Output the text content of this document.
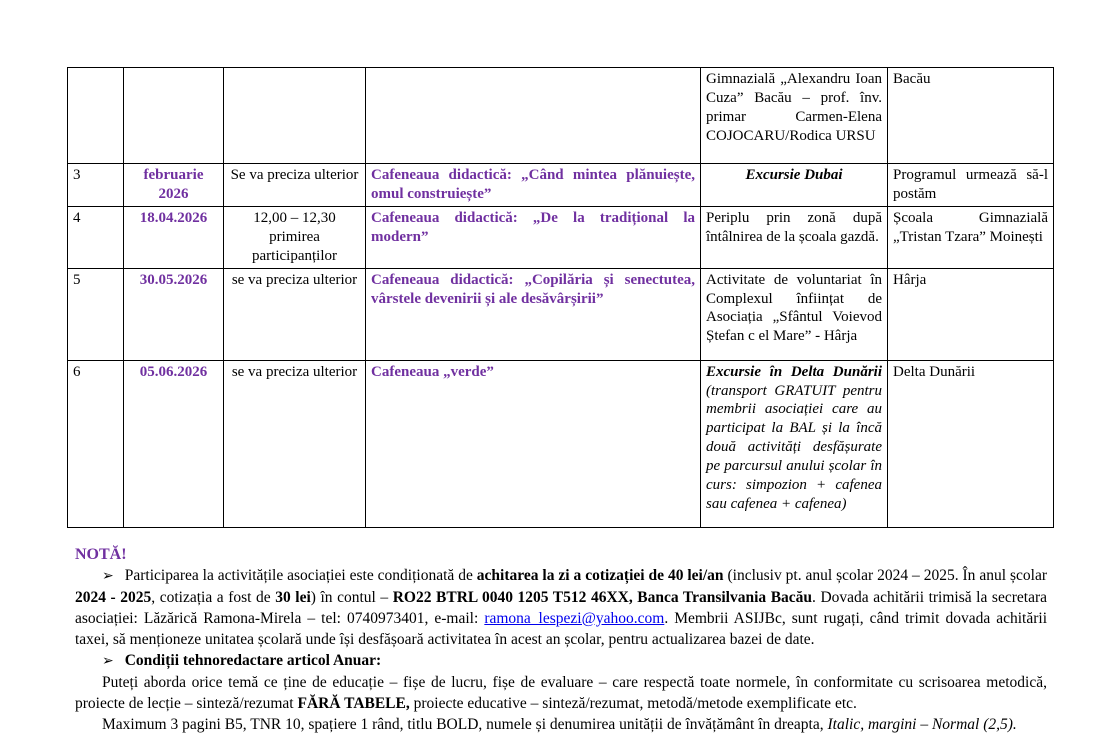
				Gimnazială „Alexandru Ioan Cuza” Bacău – prof. înv. primar Carmen-Elena COJOCARU/Rodica URSU	Bacău
3	februarie 2026	Se va preciza ulterior	Cafeneaua didactică: „Când mintea plănuiește, omul construiește”	Excursie Dubai	Programul urmează să-l postăm
4	18.04.2026	12,00 – 12,30 primirea participanților	Cafeneaua didactică: „De la tradițional la modern”	Periplu prin zonă după întâlnirea de la școala gazdă.	Școala Gimnazială „Tristan Tzara” Moinești
5	30.05.2026	se va preciza ulterior	Cafeneaua didactică: „Copilăria și senectutea, vârstele devenirii și ale desăvârșirii”	Activitate de voluntariat în Complexul înființat de Asociația „Sfântul Voievod Ștefan c el Mare” - Hârja	Hârja
6	05.06.2026	se va preciza ulterior	Cafeneaua „verde”	Excursie în Delta Dunării (transport GRATUIT pentru membrii asociației care au participat la BAL și la încă două activități desfășurate pe parcursul anului școlar în curs: simpozion + cafenea sau cafenea + cafenea)	Delta Dunării

NOTĂ!

➢ Participarea la activitățile asociației este condiționată de achitarea la zi a cotizației de 40 lei/an (inclusiv pt. anul școlar 2024 – 2025. În anul școlar 2024 - 2025, cotizația a fost de 30 lei) în contul – RO22 BTRL 0040 1205 T512 46XX, Banca Transilvania Bacău. Dovada achitării trimisă la secretara asociației: Lăzărică Ramona-Mirela – tel: 0740973401, e-mail: ramona_lespezi@yahoo.com. Membrii ASIJBc, sunt rugați, când trimit dovada achitării taxei, să menționeze unitatea școlară unde își desfășoară activitatea în acest an școlar, pentru actualizarea bazei de date.

➢ Condiții tehnoredactare articol Anuar:

Puteți aborda orice temă ce ține de educație – fișe de lucru, fișe de evaluare – care respectă toate normele, în conformitate cu scrisoarea metodică, proiecte de lecție – sinteză/rezumat FĂRĂ TABELE, proiecte educative – sinteză/rezumat, metodă/metode exemplificate etc.

Maximum 3 pagini B5, TNR 10, spațiere 1 rând, titlu BOLD, numele și denumirea unității de învățământ în dreapta, Italic, margini – Normal (2,5).
